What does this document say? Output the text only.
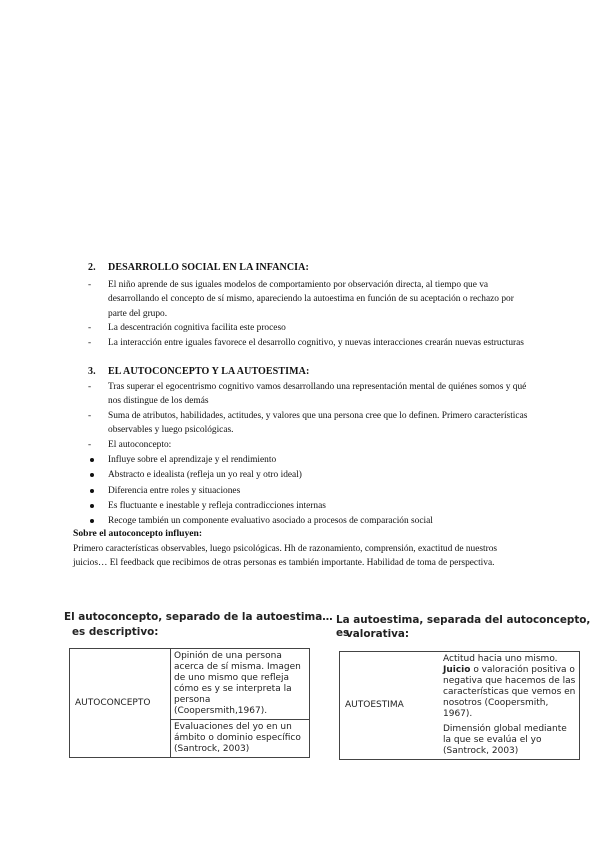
2. DESARROLLO SOCIAL EN LA INFANCIA:
-	El niño aprende de sus iguales modelos de comportamiento por observación directa, al tiempo que va desarrollando el concepto de sí mismo, apareciendo la autoestima en función de su aceptación o rechazo por parte del grupo.
-	La descentración cognitiva facilita este proceso
-	La interacción entre iguales favorece el desarrollo cognitivo, y nuevas interacciones crearán nuevas estructuras
3. EL AUTOCONCEPTO Y LA AUTOESTIMA:
-	Tras superar el egocentrismo cognitivo vamos desarrollando una representación mental de quiénes somos y qué nos distingue de los demás
-	Suma de atributos, habilidades, actitudes, y valores que una persona cree que lo definen. Primero características observables y luego psicológicas.
-	El autoconcepto:
Influye sobre el aprendizaje y el rendimiento
Abstracto e idealista (refleja un yo real y otro ideal)
Diferencia entre roles y situaciones
Es fluctuante e inestable y refleja contradicciones internas
Recoge también un componente evaluativo asociado a procesos de comparación social
Sobre el autoconcepto influyen:
Primero características observables, luego psicológicas. Hh de razonamiento, comprensión, exactitud de nuestros juicios… El feedback que recibimos de otras personas es también importante. Habilidad de toma de perspectiva.
El autoconcepto, separado de la autoestima…
es descriptivo:
AUTOCONCEPTO	Opinión de una persona acerca de sí misma. Imagen de uno mismo que refleja cómo es y se interpreta la persona (Coopersmith,1967).
Evaluaciones del yo en un ámbito o dominio específico (Santrock, 2003)
La autoestima, separada del autoconcepto, es
valorativa:
AUTOESTIMA	Actitud hacia uno mismo.
Juicio o valoración positiva o negativa que hacemos de las características que vemos en nosotros (Coopersmith, 1967).
Dimensión global mediante la que se evalúa el yo (Santrock, 2003)
